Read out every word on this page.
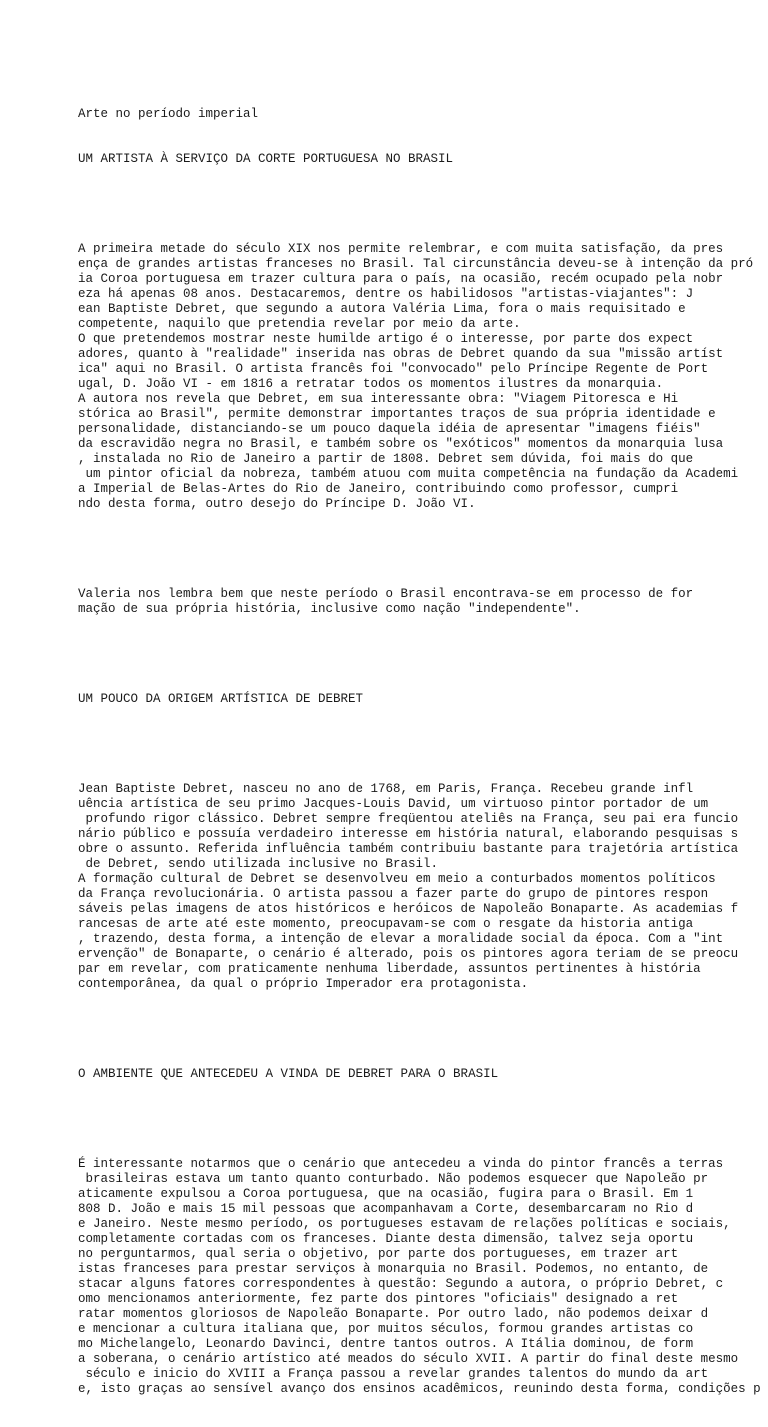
Arte no período imperial

UM ARTISTA À SERVIÇO DA CORTE PORTUGUESA NO BRASIL

A primeira metade do século XIX nos permite relembrar, e com muita satisfação, da pres
ença de grandes artistas franceses no Brasil. Tal circunstância deveu-se à intenção da pró
ia Coroa portuguesa em trazer cultura para o país, na ocasião, recém ocupado pela nobr
eza há apenas 08 anos. Destacaremos, dentre os habilidosos "artistas-viajantes": J
ean Baptiste Debret, que segundo a autora Valéria Lima, fora o mais requisitado e
competente, naquilo que pretendia revelar por meio da arte.
O que pretendemos mostrar neste humilde artigo é o interesse, por parte dos expect
adores, quanto à "realidade" inserida nas obras de Debret quando da sua "missão artíst
ica" aqui no Brasil. O artista francês foi "convocado" pelo Príncipe Regente de Port
ugal, D. João VI - em 1816 a retratar todos os momentos ilustres da monarquia.
A autora nos revela que Debret, em sua interessante obra: "Viagem Pitoresca e Hi
stórica ao Brasil", permite demonstrar importantes traços de sua própria identidade e
personalidade, distanciando-se um pouco daquela idéia de apresentar "imagens fiéis"
da escravidão negra no Brasil, e também sobre os "exóticos" momentos da monarquia lusa
, instalada no Rio de Janeiro a partir de 1808. Debret sem dúvida, foi mais do que
um pintor oficial da nobreza, também atuou com muita competência na fundação da Academi
a Imperial de Belas-Artes do Rio de Janeiro, contribuindo como professor, cumpri
ndo desta forma, outro desejo do Príncipe D. João VI.

Valeria nos lembra bem que neste período o Brasil encontrava-se em processo de for
mação de sua própria história, inclusive como nação "independente".

UM POUCO DA ORIGEM ARTÍSTICA DE DEBRET

Jean Baptiste Debret, nasceu no ano de 1768, em Paris, França. Recebeu grande infl
uência artística de seu primo Jacques-Louis David, um virtuoso pintor portador de um
profundo rigor clássico. Debret sempre freqüentou ateliês na França, seu pai era funcio
nário público e possuía verdadeiro interesse em história natural, elaborando pesquisas s
obre o assunto. Referida influência também contribuiu bastante para trajetória artística
de Debret, sendo utilizada inclusive no Brasil.
A formação cultural de Debret se desenvolveu em meio a conturbados momentos políticos
da França revolucionária. O artista passou a fazer parte do grupo de pintores respon
sáveis pelas imagens de atos históricos e heróicos de Napoleão Bonaparte. As academias f
rancesas de arte até este momento, preocupavam-se com o resgate da historia antiga
, trazendo, desta forma, a intenção de elevar a moralidade social da época. Com a "int
ervenção" de Bonaparte, o cenário é alterado, pois os pintores agora teriam de se preocu
par em revelar, com praticamente nenhuma liberdade, assuntos pertinentes à história
contemporânea, da qual o próprio Imperador era protagonista.

O AMBIENTE QUE ANTECEDEU A VINDA DE DEBRET PARA O BRASIL

É interessante notarmos que o cenário que antecedeu a vinda do pintor francês a terras
brasileiras estava um tanto quanto conturbado. Não podemos esquecer que Napoleão pr
aticamente expulsou a Coroa portuguesa, que na ocasião, fugira para o Brasil. Em 1
808 D. João e mais 15 mil pessoas que acompanhavam a Corte, desembarcaram no Rio d
e Janeiro. Neste mesmo período, os portugueses estavam de relações políticas e sociais,
completamente cortadas com os franceses. Diante desta dimensão, talvez seja oportu
no perguntarmos, qual seria o objetivo, por parte dos portugueses, em trazer art
istas franceses para prestar serviços à monarquia no Brasil. Podemos, no entanto, de
stacar alguns fatores correspondentes à questão: Segundo a autora, o próprio Debret, c
omo mencionamos anteriormente, fez parte dos pintores "oficiais" designado a ret
ratar momentos gloriosos de Napoleão Bonaparte. Por outro lado, não podemos deixar d
e mencionar a cultura italiana que, por muitos séculos, formou grandes artistas co
mo Michelangelo, Leonardo Davinci, dentre tantos outros. A Itália dominou, de form
a soberana, o cenário artístico até meados do século XVII. A partir do final deste mesmo
século e inicio do XVIII a França passou a revelar grandes talentos do mundo da art
e, isto graças ao sensível avanço dos ensinos acadêmicos, reunindo desta forma, condições p
